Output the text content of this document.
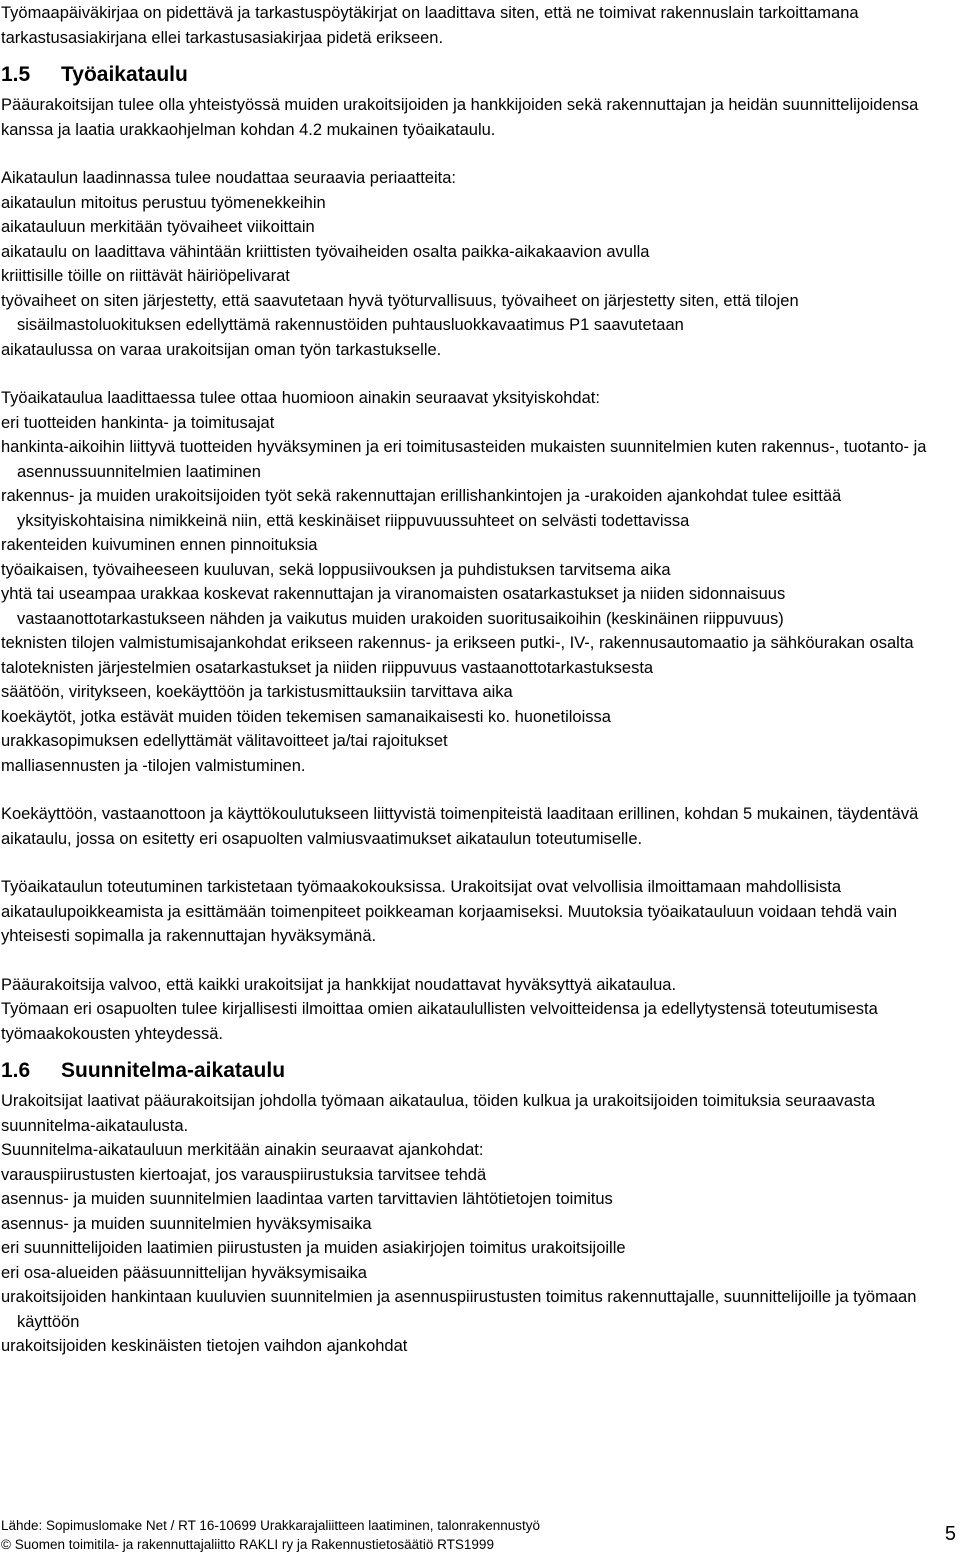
Työmaapäiväkirjaa on pidettävä ja tarkastuspöytäkirjat on laadittava siten, että ne toimivat rakennuslain tarkoittamana tarkastusasiakirjana ellei tarkastusasiakirjaa pidetä erikseen.

1.5 Työaikataulu

Pääurakoitsijan tulee olla yhteistyössä muiden urakoitsijoiden ja hankkijoiden sekä rakennuttajan ja heidän suunnittelijoidensa kanssa ja laatia urakkaohjelman kohdan 4.2 mukainen työaikataulu.

Aikataulun laadinnassa tulee noudattaa seuraavia periaatteita:

aikataulun mitoitus perustuu työmenekkeihin
aikatauluun merkitään työvaiheet viikoittain
aikataulu on laadittava vähintään kriittisten työvaiheiden osalta paikka-aikakaavion avulla
kriittisille töille on riittävät häiriöpelivarat
työvaiheet on siten järjestetty, että saavutetaan hyvä työturvallisuus, työvaiheet on järjestetty siten, että tilojen sisäilmastoluokituksen edellyttämä rakennustöiden puhtausluokkavaatimus P1 saavutetaan
aikataulussa on varaa urakoitsijan oman työn tarkastukselle.

Työaikataulua laadittaessa tulee ottaa huomioon ainakin seuraavat yksityiskohdat:

eri tuotteiden hankinta- ja toimitusajat
hankinta-aikoihin liittyvä tuotteiden hyväksyminen ja eri toimitusasteiden mukaisten suunnitelmien kuten rakennus-, tuotanto- ja asennussuunnitelmien laatiminen
rakennus- ja muiden urakoitsijoiden työt sekä rakennuttajan erillishankintojen ja -urakoiden ajankohdat tulee esittää yksityiskohtaisina nimikkeinä niin, että keskinäiset riippuvuussuhteet on selvästi todettavissa
rakenteiden kuivuminen ennen pinnoituksia
työaikaisen, työvaiheeseen kuuluvan, sekä loppusiivouksen ja puhdistuksen tarvitsema aika
yhtä tai useampaa urakkaa koskevat rakennuttajan ja viranomaisten osatarkastukset ja niiden sidonnaisuus vastaanottotarkastukseen nähden ja vaikutus muiden urakoiden suoritusaikoihin (keskinäinen riippuvuus)
teknisten tilojen valmistumisajankohdat erikseen rakennus- ja erikseen putki-, IV-, rakennusautomaatio ja sähköurakan osalta
taloteknisten järjestelmien osatarkastukset ja niiden riippuvuus vastaanottotarkastuksesta
säätöön, viritykseen, koekäyttöön ja tarkistusmittauksiin tarvittava aika
koekäytöt, jotka estävät muiden töiden tekemisen samanaikaisesti ko. huonetiloissa
urakkasopimuksen edellyttämät välitavoitteet ja/tai rajoitukset
malliasennusten ja -tilojen valmistuminen.

Koekäyttöön, vastaanottoon ja käyttökoulutukseen liittyvistä toimenpiteistä laaditaan erillinen, kohdan 5 mukainen, täydentävä aikataulu, jossa on esitetty eri osapuolten valmiusvaatimukset aikataulun toteutumiselle.

Työaikataulun toteutuminen tarkistetaan työmaakokouksissa. Urakoitsijat ovat velvollisia ilmoittamaan mahdollisista aikataulupoikkeamista ja esittämään toimenpiteet poikkeaman korjaamiseksi. Muutoksia työaikatauluun voidaan tehdä vain yhteisesti sopimalla ja rakennuttajan hyväksymänä.

Pääurakoitsija valvoo, että kaikki urakoitsijat ja hankkijat noudattavat hyväksyttyä aikataulua.

Työmaan eri osapuolten tulee kirjallisesti ilmoittaa omien aikataulullisten velvoitteidensa ja edellytystensä toteutumisesta työmaakokousten yhteydessä.

1.6 Suunnitelma-aikataulu

Urakoitsijat laativat pääurakoitsijan johdolla työmaan aikataulua, töiden kulkua ja urakoitsijoiden toimituksia seuraavasta suunnitelma-aikataulusta.

Suunnitelma-aikatauluun merkitään ainakin seuraavat ajankohdat:

varauspiirustusten kiertoajat, jos varauspiirustuksia tarvitsee tehdä
asennus- ja muiden suunnitelmien laadintaa varten tarvittavien lähtötietojen toimitus
asennus- ja muiden suunnitelmien hyväksymisaika
eri suunnittelijoiden laatimien piirustusten ja muiden asiakirjojen toimitus urakoitsijoille
eri osa-alueiden pääsuunnittelijan hyväksymisaika
urakoitsijoiden hankintaan kuuluvien suunnitelmien ja asennuspiirustusten toimitus rakennuttajalle, suunnittelijoille ja työmaan käyttöön
urakoitsijoiden keskinäisten tietojen vaihdon ajankohdat
Lähde: Sopimuslomake Net / RT 16-10699 Urakkarajaliitteen laatiminen, talonrakennustyö
© Suomen toimitila- ja rakennuttajaliitto RAKLI ry ja Rakennustietosäätiö RTS1999	5
